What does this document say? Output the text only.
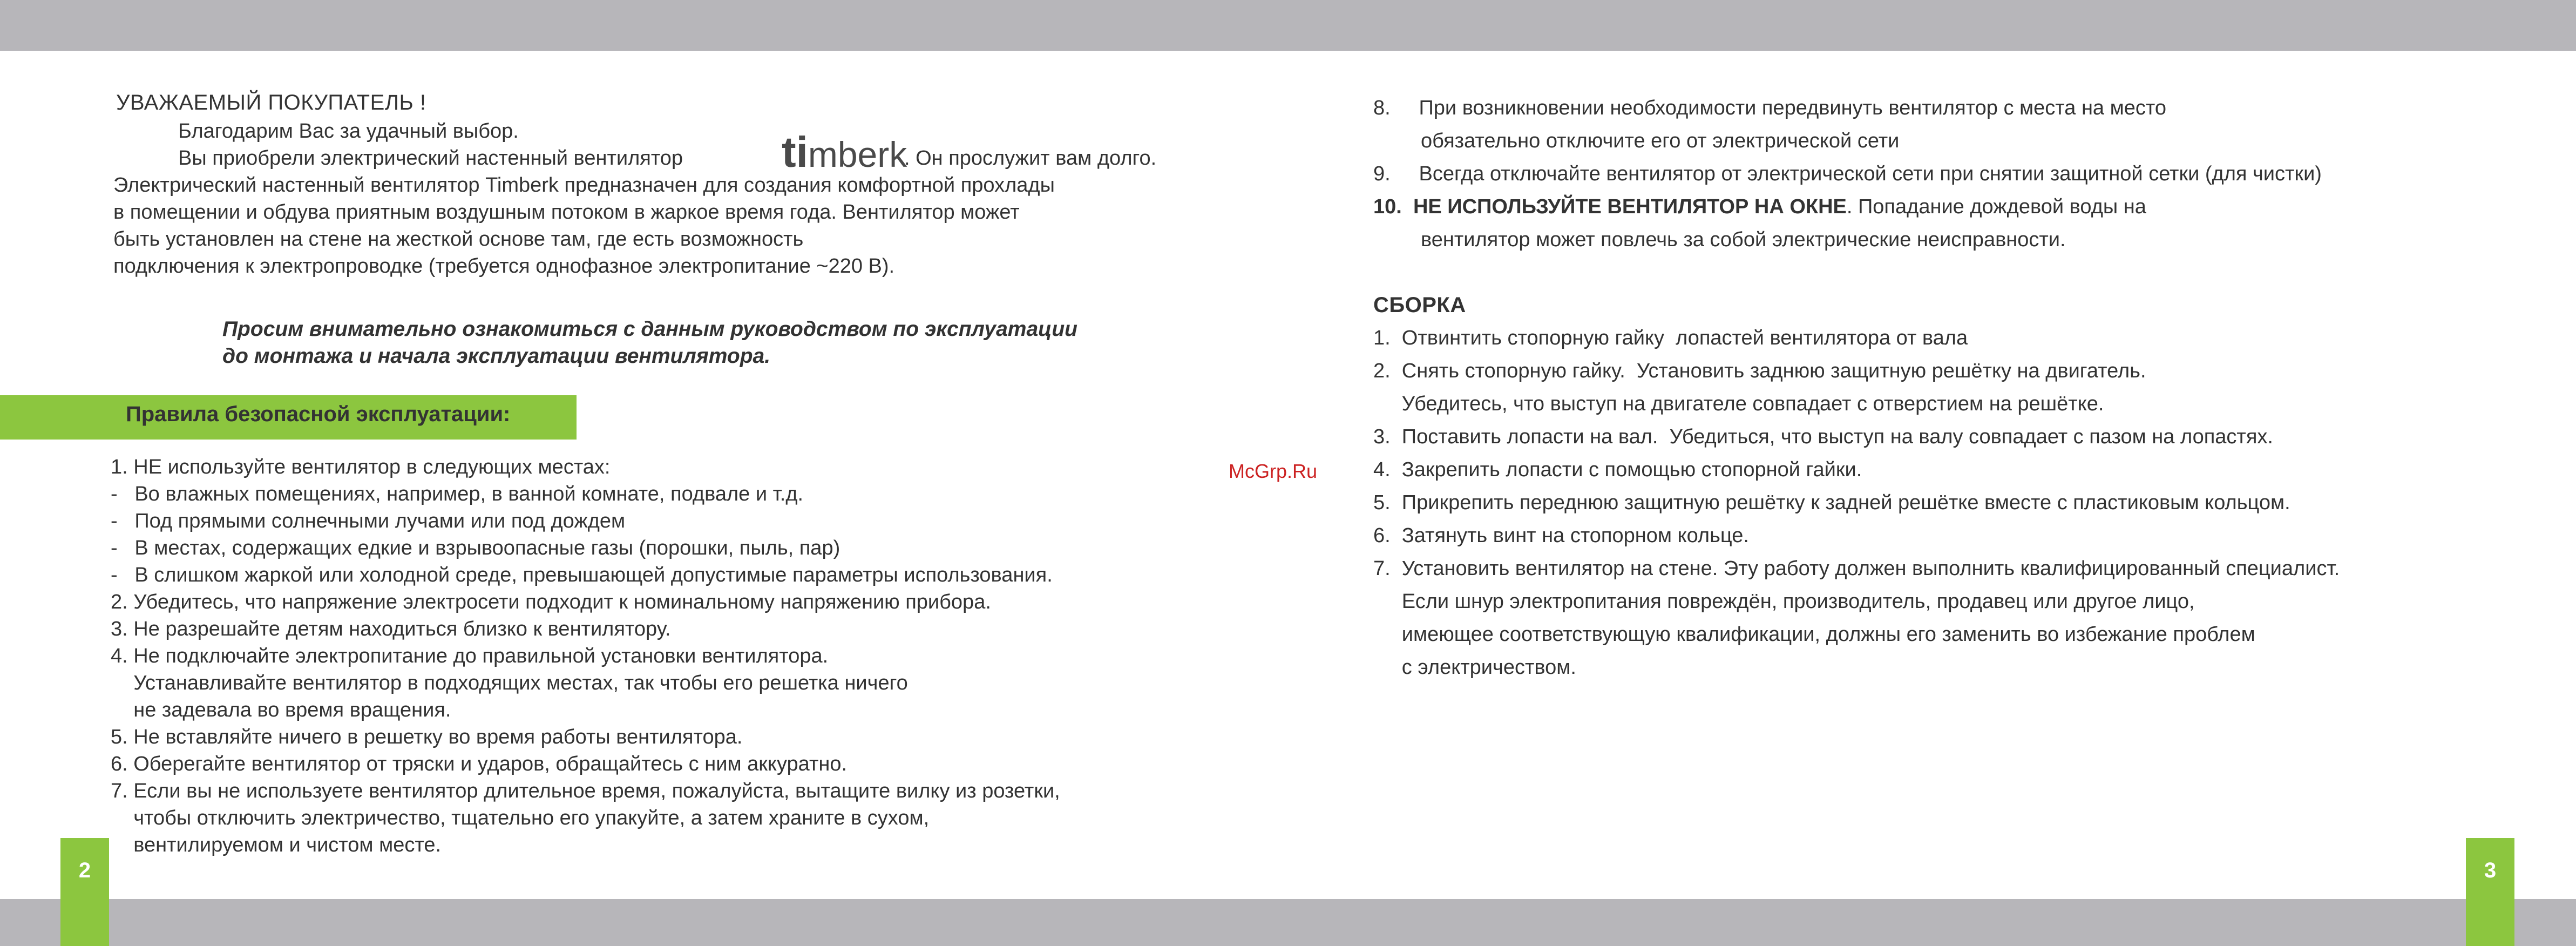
2	3
УВАЖАЕМЫЙ ПОКУПАТЕЛЬ !
Благодарим Вас за удачный выбор.
Вы приобрели электрический настенный вентилятор ti mberk
. Он прослужит вам долго.
Электрический настенный вентилятор Timberk предназначен для создания комфортной прохлады
в помещении и обдува приятным воздушным потоком в жаркое время года. Вентилятор может
быть установлен на стене на жесткой основе там, где есть возможность
подключения к электропроводке (требуется однофазное электропитание ~220 В).
Просим внимательно ознакомиться с данным руководством по эксплуатации
до монтажа и начала эксплуатации вентилятора.
Правила безопасной эксплуатации:
1. НЕ используйте вентилятор в следующих местах:
-   Во влажных помещениях, например, в ванной комнате, подвале и т.д.
-   Под прямыми солнечными лучами или под дождем
-   В местах, содержащих едкие и взрывоопасные газы (порошки, пыль, пар)
-   В слишком жаркой или холодной среде, превышающей допустимые параметры использования.
2. Убедитесь, что напряжение электросети подходит к номинальному напряжению прибора.
3. Не разрешайте детям находиться близко к вентилятору.
4. Не подключайте электропитание до правильной установки вентилятора.
Устанавливайте вентилятор в подходящих местах, так чтобы его решетка ничего
не задевала во время вращения.
5. Не вставляйте ничего в решетку во время работы вентилятора.
6. Оберегайте вентилятор от тряски и ударов, обращайтесь с ним аккуратно.
7. Если вы не используете вентилятор длительное время, пожалуйста, вытащите вилку из розетки,
чтобы отключить электричество, тщательно его упакуйте, а затем храните в сухом,
вентилируемом и чистом месте.
McGrp.Ru
8.     При возникновении необходимости передвинуть вентилятор с места на место
обязательно отключите его от электрической сети
9.     Всегда отключайте вентилятор от электрической сети при снятии защитной сетки (для чистки)
10. НЕ ИСПОЛЬЗУЙТЕ ВЕНТИЛЯТОР НА ОКНЕ. Попадание дождевой воды на
вентилятор может повлечь за собой электрические неисправности.
СБОРКА
1.  Отвинтить стопорную гайку  лопастей вентилятора от вала
2.  Снять стопорную гайку.  Установить заднюю защитную решётку на двигатель.
Убедитесь, что выступ на двигателе совпадает с отверстием на решётке.
3.  Поставить лопасти на вал.  Убедиться, что выступ на валу совпадает с пазом на лопастях.
4.  Закрепить лопасти с помощью стопорной гайки.
5.  Прикрепить переднюю защитную решётку к задней решётке вместе с пластиковым кольцом.
6.  Затянуть винт на стопорном кольце.
7.  Установить вентилятор на стене. Эту работу должен выполнить квалифицированный специалист.
Если шнур электропитания повреждён, производитель, продавец или другое лицо,
имеющее соответствующую квалификации, должны его заменить во избежание проблем
с электричеством.
